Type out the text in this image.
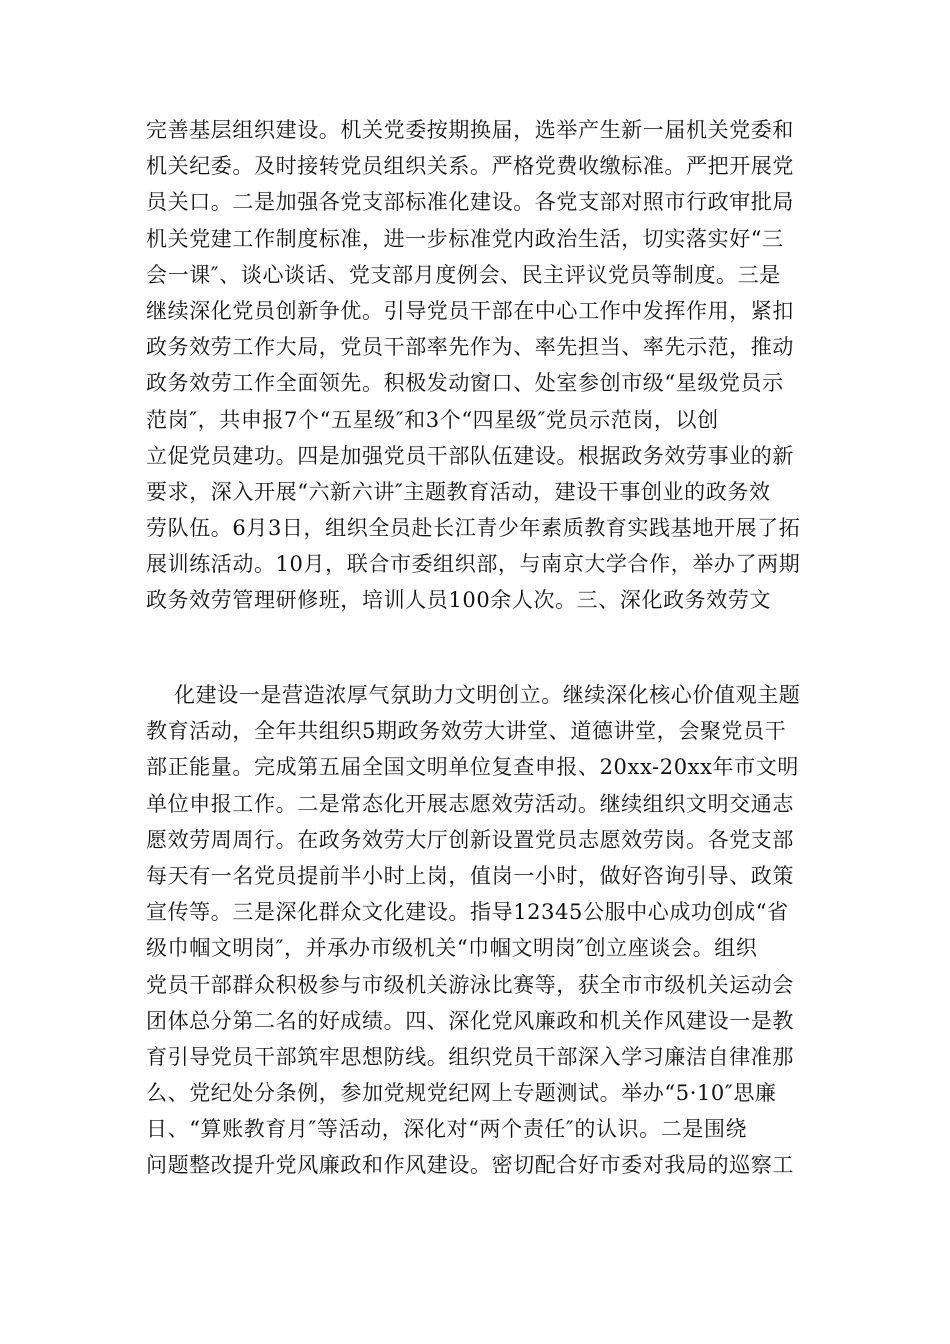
完善基层组织建设。机关党委按期换届，选举产生新一届机关党委和
机关纪委。及时接转党员组织关系。严格党费收缴标准。严把开展党
员关口。二是加强各党支部标准化建设。各党支部对照市行政审批局
机关党建工作制度标准，进一步标准党内政治生活，切实落实好“三
会一课″、谈心谈话、党支部月度例会、民主评议党员等制度。三是
继续深化党员创新争优。引导党员干部在中心工作中发挥作用，紧扣
政务效劳工作大局，党员干部率先作为、率先担当、率先示范，推动
政务效劳工作全面领先。积极发动窗口、处室参创市级“星级党员示
范岗″，共申报7个“五星级″和3个“四星级″党员示范岗，以创
立促党员建功。四是加强党员干部队伍建设。根据政务效劳事业的新
要求，深入开展“六新六讲″主题教育活动，建设干事创业的政务效
劳队伍。6月3日，组织全员赴长江青少年素质教育实践基地开展了拓
展训练活动。10月，联合市委组织部，与南京大学合作，举办了两期
政务效劳管理研修班，培训人员100余人次。三、深化政务效劳文
化建设一是营造浓厚气氛助力文明创立。继续深化核心价值观主题
教育活动，全年共组织5期政务效劳大讲堂、道德讲堂，会聚党员干
部正能量。完成第五届全国文明单位复查申报、20xx-20xx年市文明
单位申报工作。二是常态化开展志愿效劳活动。继续组织文明交通志
愿效劳周周行。在政务效劳大厅创新设置党员志愿效劳岗。各党支部
每天有一名党员提前半小时上岗，值岗一小时，做好咨询引导、政策
宣传等。三是深化群众文化建设。指导12345公服中心成功创成“省
级巾帼文明岗″，并承办市级机关“巾帼文明岗″创立座谈会。组织
党员干部群众积极参与市级机关游泳比赛等，获全市市级机关运动会
团体总分第二名的好成绩。四、深化党风廉政和机关作风建设一是教
育引导党员干部筑牢思想防线。组织党员干部深入学习廉洁自律准那
么、党纪处分条例，参加党规党纪网上专题测试。举办“5·10″思廉
日、“算账教育月″等活动，深化对“两个责任″的认识。二是围绕
问题整改提升党风廉政和作风建设。密切配合好市委对我局的巡察工
